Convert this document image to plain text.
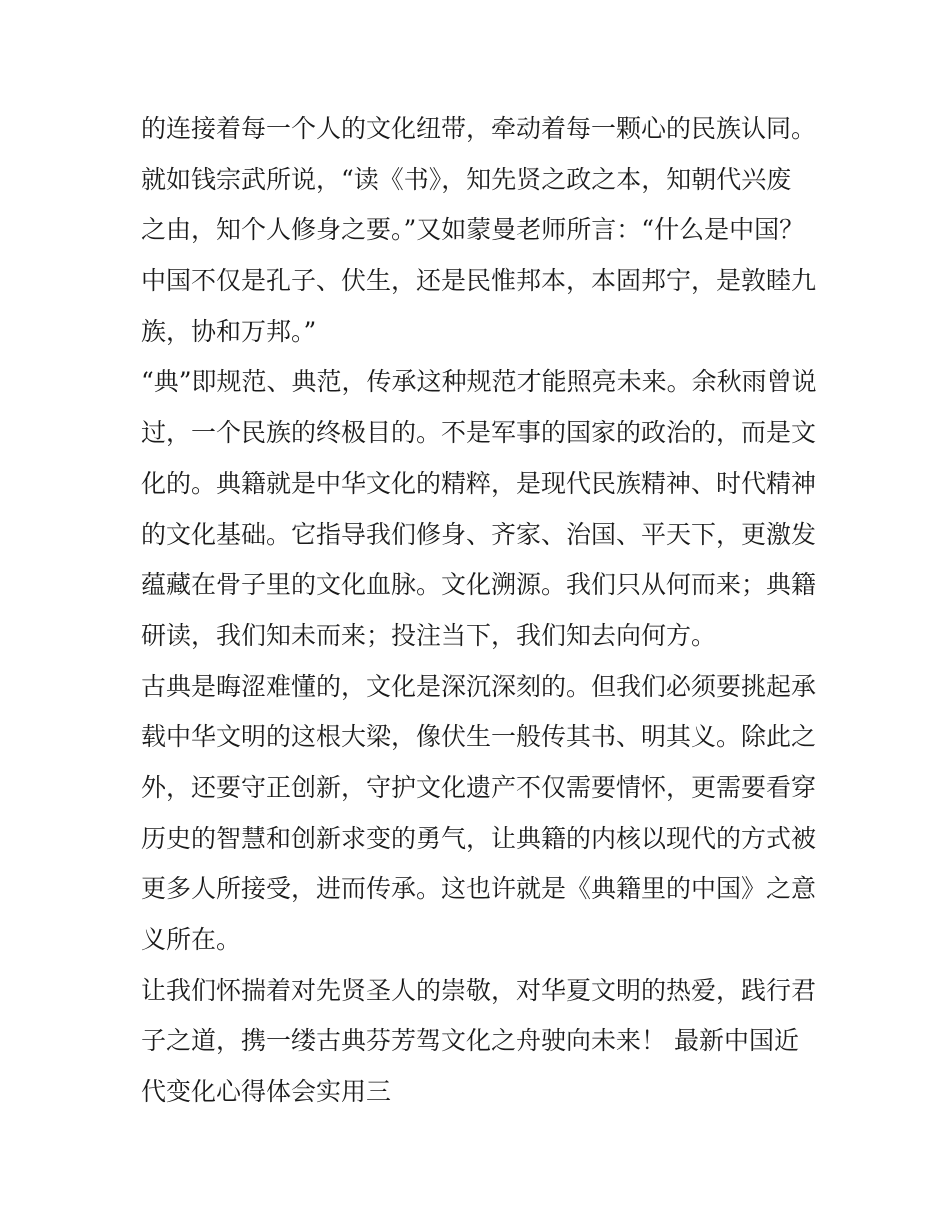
的连接着每一个人的文化纽带，牵动着每一颗心的民族认同。
就如钱宗武所说，“读《书》，知先贤之政之本，知朝代兴废
之由，知个人修身之要。”又如蒙曼老师所言：“什么是中国？
中国不仅是孔子、伏生，还是民惟邦本，本固邦宁，是敦睦九
族，协和万邦。”
“典”即规范、典范，传承这种规范才能照亮未来。余秋雨曾说
过，一个民族的终极目的。不是军事的国家的政治的，而是文
化的。典籍就是中华文化的精粹，是现代民族精神、时代精神
的文化基础。它指导我们修身、齐家、治国、平天下，更激发
蕴藏在骨子里的文化血脉。文化溯源。我们只从何而来；典籍
研读，我们知未而来；投注当下，我们知去向何方。
古典是晦涩难懂的，文化是深沉深刻的。但我们必须要挑起承
载中华文明的这根大梁，像伏生一般传其书、明其义。除此之
外，还要守正创新，守护文化遗产不仅需要情怀，更需要看穿
历史的智慧和创新求变的勇气，让典籍的内核以现代的方式被
更多人所接受，进而传承。这也许就是《典籍里的中国》之意
义所在。
让我们怀揣着对先贤圣人的崇敬，对华夏文明的热爱，践行君
子之道，携一缕古典芬芳驾文化之舟驶向未来！ 最新中国近
代变化心得体会实用三
